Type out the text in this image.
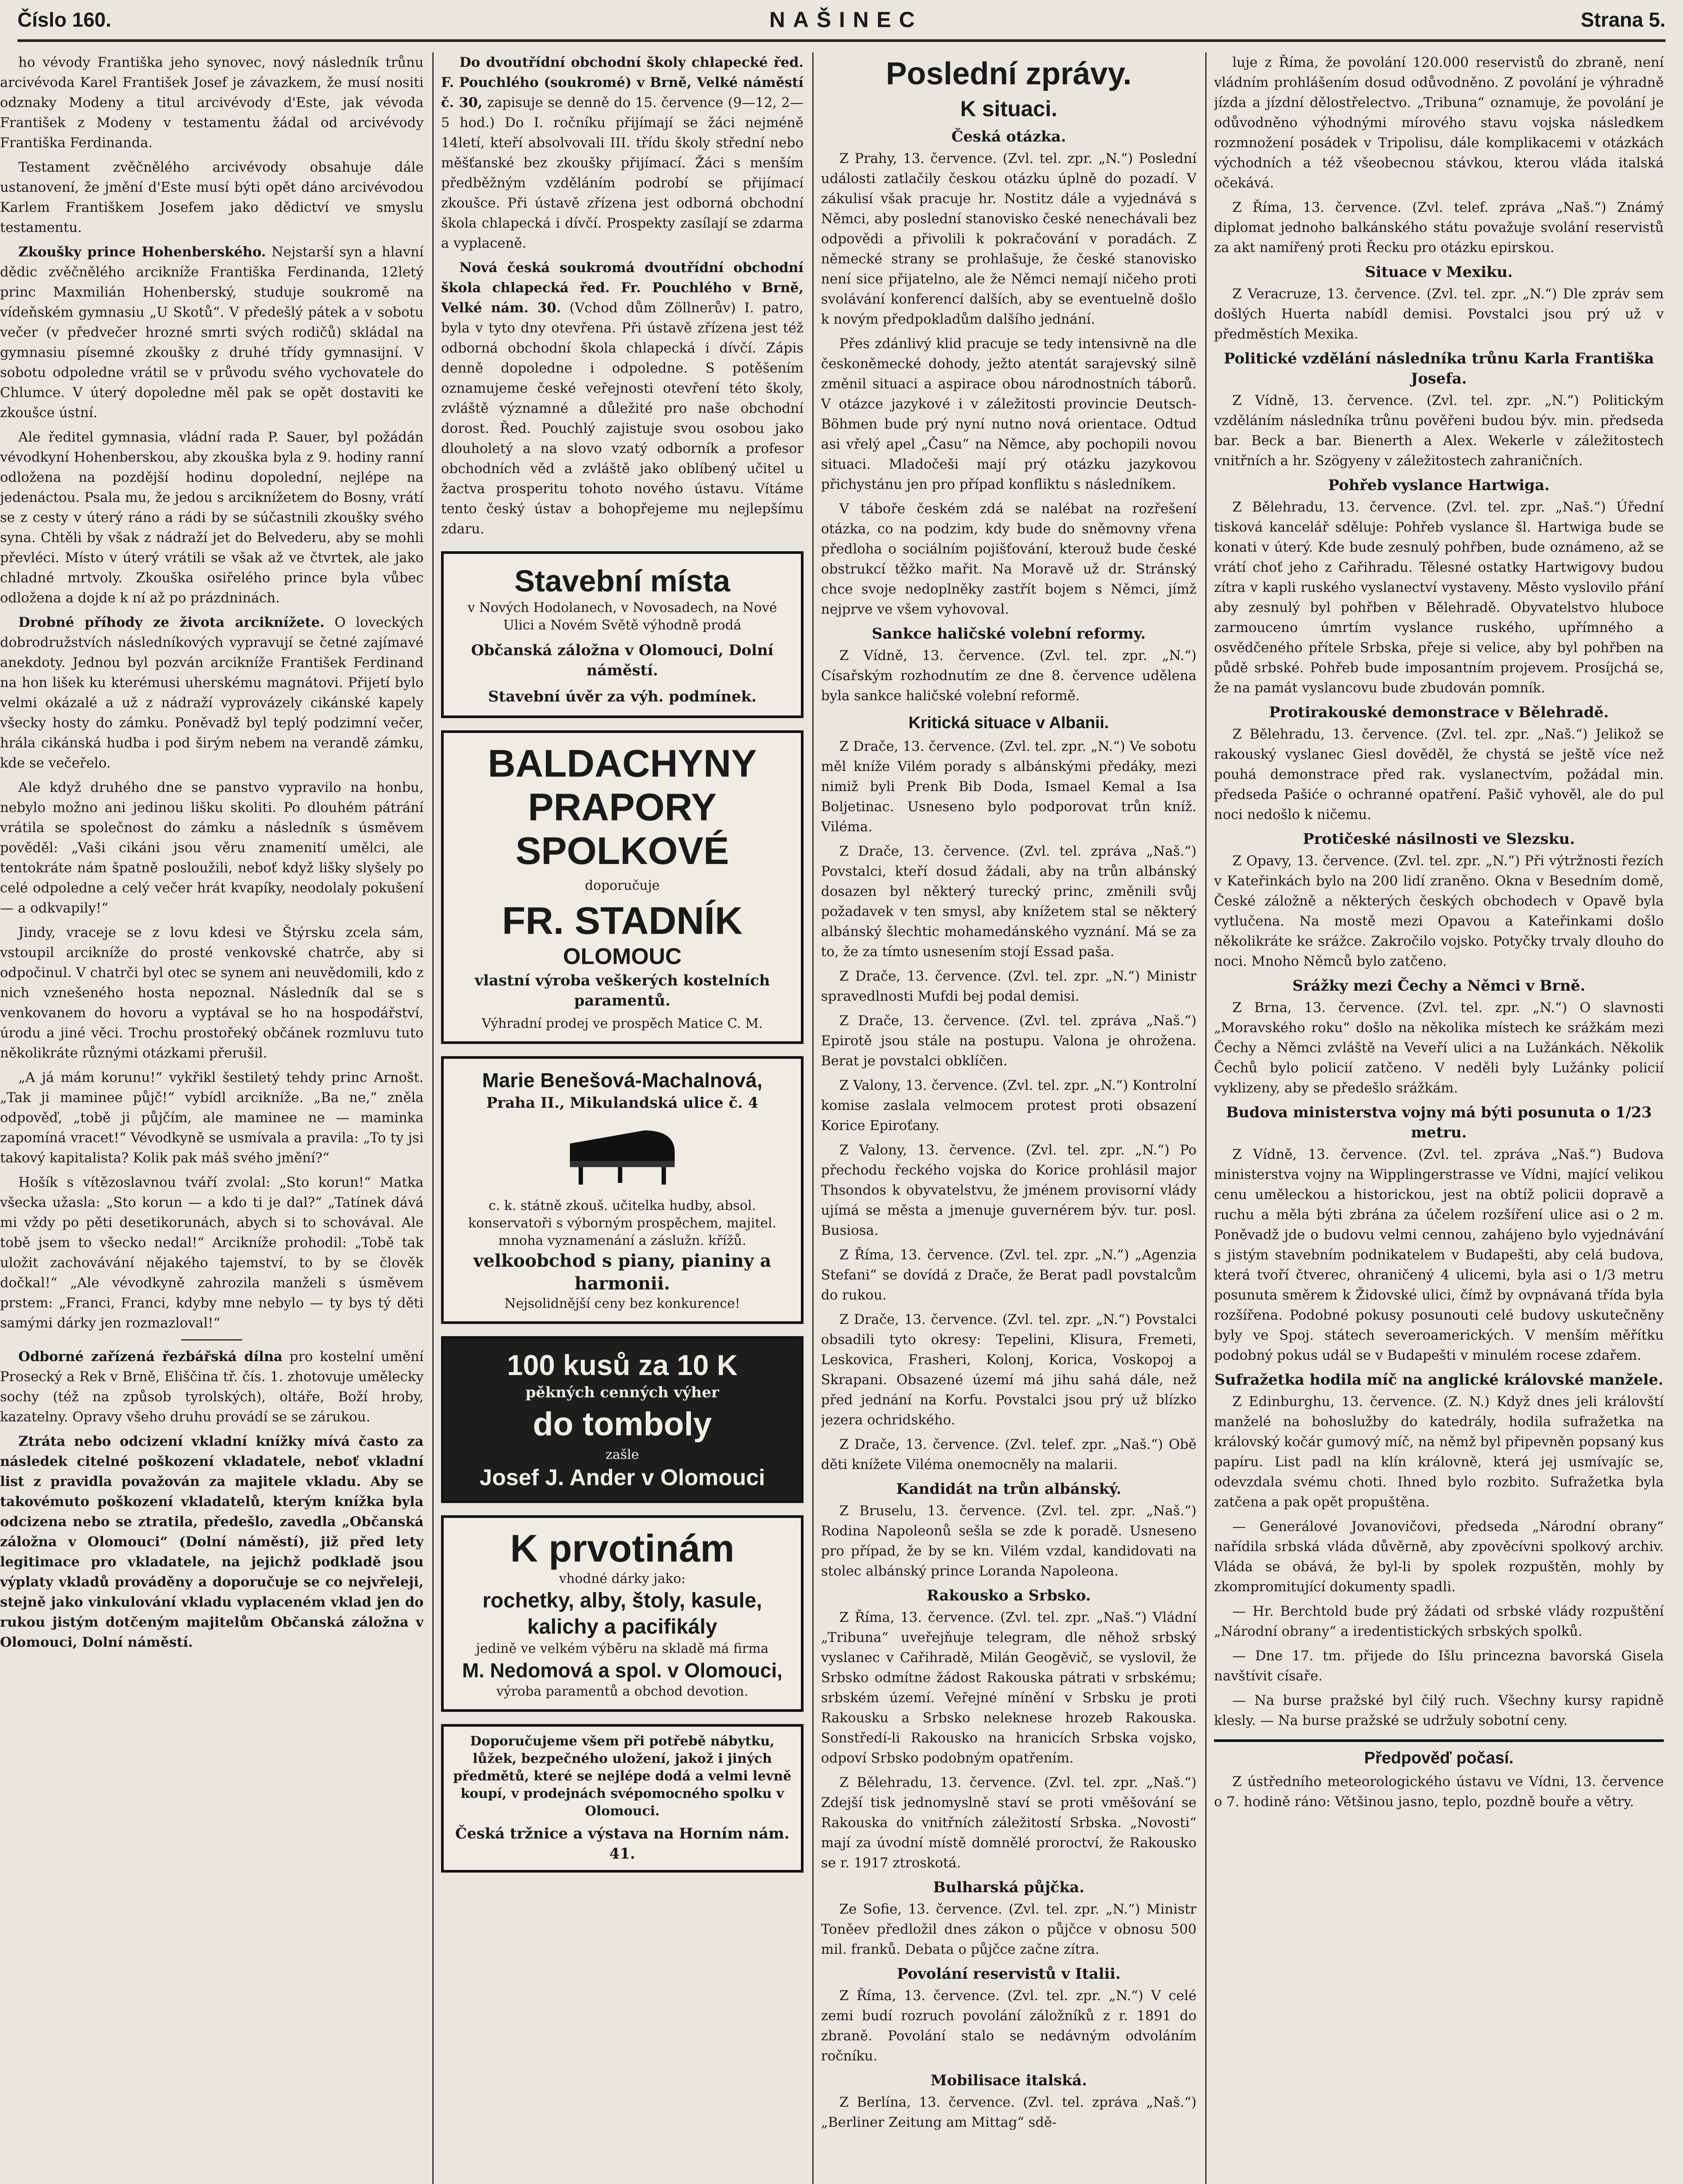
Číslo 160.	NAŠINEC	Strana 5.

ho vévody Františka jeho synovec, nový následník trůnu arcivévoda Karel František Josef je závazkem, že musí nositi odznaky Modeny a titul arcivévody d'Este, jak vévoda František z Modeny v testamentu žádal od arcivévody Františka Ferdinanda.

Testament zvěčnělého arcivévody obsahuje dále ustanovení, že jmění d'Este musí býti opět dáno arcivévodou Karlem Františkem Josefem jako dědictví ve smyslu testamentu.

Zkoušky prince Hohenberského. Nejstarší syn a hlavní dědic zvěčnělého arcikníže Františka Ferdinanda, 12letý princ Maxmilián Hohenberský, studuje soukromě na vídeňském gymnasiu „U Skotů“. V předešlý pátek a v sobotu večer (v předvečer hrozné smrti svých rodičů) skládal na gymnasiu písemné zkoušky z druhé třídy gymnasijní. V sobotu odpoledne vrátil se v průvodu svého vychovatele do Chlumce. V úterý dopoledne měl pak se opět dostaviti ke zkoušce ústní.

Ale ředitel gymnasia, vládní rada P. Sauer, byl požádán vévodkyní Hohenberskou, aby zkouška byla z 9. hodiny ranní odložena na pozdější hodinu dopolední, nejlépe na jedenáctou. Psala mu, že jedou s arciknížetem do Bosny, vrátí se z cesty v úterý ráno a rádi by se súčastnili zkoušky svého syna. Chtěli by však z nádraží jet do Belvederu, aby se mohli převléci. Místo v úterý vrátili se však až ve čtvrtek, ale jako chladné mrtvoly. Zkouška osiřelého prince byla vůbec odložena a dojde k ní až po prázdninách.

Drobné příhody ze života arciknížete. O loveckých dobrodružstvích následníkových vypravují se četné zajímavé anekdoty. Jednou byl pozván arcikníže František Ferdinand na hon lišek ku kterémusi uherskému magnátovi. Přijetí bylo velmi okázalé a už z nádraží vyprovázely cikánské kapely všecky hosty do zámku. Poněvadž byl teplý podzimní večer, hrála cikánská hudba i pod širým nebem na verandě zámku, kde se večeřelo.

Ale když druhého dne se panstvo vypravilo na honbu, nebylo možno ani jedinou lišku skoliti. Po dlouhém pátrání vrátila se společnost do zámku a následník s úsměvem pověděl: „Vaši cikáni jsou věru znamenití umělci, ale tentokráte nám špatně posloužili, neboť když lišky slyšely po celé odpoledne a celý večer hrát kvapíky, neodolaly pokušení — a odkvapily!“

Jindy, vraceje se z lovu kdesi ve Štýrsku zcela sám, vstoupil arcikníže do prosté venkovské chatrče, aby si odpočinul. V chatrči byl otec se synem ani neuvědomili, kdo z nich vznešeného hosta nepoznal. Následník dal se s venkovanem do hovoru a vyptával se ho na hospodářství, úrodu a jiné věci. Trochu prostořeký občánek rozmluvu tuto několikráte různými otázkami přerušil.

„A já mám korunu!“ vykřikl šestiletý tehdy princ Arnošt. „Tak ji maminee půjč!“ vybídl arcikníže. „Ba ne,“ zněla odpověď, „tobě ji půjčím, ale maminee ne — maminka zapomíná vracet!“ Vévodkyně se usmívala a pravila: „To ty jsi takový kapitalista? Kolik pak máš svého jmění?“

Hošík s vítězoslavnou tváří zvolal: „Sto korun!“ Matka všecka užasla: „Sto korun — a kdo ti je dal?“ „Tatínek dává mi vždy po pěti desetikorunách, abych si to schovával. Ale tobě jsem to všecko nedal!“ Arcikníže prohodil: „Tobě tak uložit zachovávání nějakého tajemství, to by se člověk dočkal!“ „Ale vévodkyně zahrozila manželi s úsměvem prstem: „Franci, Franci, kdyby mne nebylo — ty bys tý děti samými dárky jen rozmazloval!“

Odborné zařízená řezbářská dílna pro kostelní umění Prosecký a Rek v Brně, Eliščina tř. čís. 1. zhotovuje umělecky sochy (též na způsob tyrolských), oltáře, Boží hroby, kazatelny. Opravy všeho druhu provádí se se zárukou.

Ztráta nebo odcizení vkladní knížky mívá často za následek citelné poškození vkladatele, neboť vkladní list z pravidla považován za majitele vkladu. Aby se takovémuto poškození vkladatelů, kterým knížka byla odcizena nebo se ztratila, předešlo, zavedla „Občanská záložna v Olomouci“ (Dolní náměstí), již před lety legitimace pro vkladatele, na jejichž podkladě jsou výplaty vkladů prováděny a doporučuje se co nejvřeleji, stejně jako vinkulování vkladu vyplaceném vklad jen do rukou jistým dotčeným majitelům Občanská záložna v Olomouci, Dolní náměstí.

Do dvoutřídní obchodní školy chlapecké řed. F. Pouchlého (soukromé) v Brně, Velké náměstí č. 30, zapisuje se denně do 15. července (9—12, 2—5 hod.) Do I. ročníku přijímají se žáci nejméně 14letí, kteří absolvovali III. třídu školy střední nebo měšťanské bez zkoušky přijímací. Žáci s menším předběžným vzděláním podrobí se přijímací zkoušce. Při ústavě zřízena jest odborná obchodní škola chlapecká i dívčí. Prospekty zasílají se zdarma a vyplaceně.

Nová česká soukromá dvoutřídní obchodní škola chlapecká řed. Fr. Pouchlého v Brně, Velké nám. 30. (Vchod dům Zöllnerův) I. patro, byla v tyto dny otevřena. Při ústavě zřízena jest též odborná obchodní škola chlapecká i dívčí. Zápis denně dopoledne i odpoledne. S potěšením oznamujeme české veřejnosti otevření této školy, zvláště významné a důležité pro naše obchodní dorost. Řed. Pouchlý zajistuje svou osobou jako dlouholetý a na slovo vzatý odborník a profesor obchodních věd a zvláště jako oblíbený učitel u žactva prosperitu tohoto nového ústavu. Vítáme tento český ústav a bohopřejeme mu nejlepšímu zdaru.

Stavební místa
v Nových Hodolanech, v Novosadech, na Nové Ulici a Novém Světě výhodně prodá
Občanská záložna v Olomouci, Dolní náměstí.
Stavební úvěr za výh. podmínek.
BALDACHYNY
PRAPORY
SPOLKOVÉ
doporučuje
FR. STADNÍK
OLOMOUC
vlastní výroba veškerých kostelních paramentů.
Výhradní prodej ve prospěch Matice C. M.
Marie Benešová-Machalnová,
Praha II., Mikulandská ulice č. 4
c. k. státně zkouš. učitelka hudby, absol. konservatoři s výborným prospěchem, majitel. mnoha vyznamenání a záslužn. křížů.
velkoobchod s piany, pianiny a harmonii.
Nejsolidnější ceny bez konkurence!
100 kusů za 10 K
pěkných cenných výher
do tomboly
zašle
Josef J. Ander v Olomouci
K prvotinám
vhodné dárky jako:
rochetky, alby, štoly, kasule, kalichy a pacifikály
jedině ve velkém výběru na skladě má firma
M. Nedomová a spol. v Olomouci,
výroba paramentů a obchod devotion.
Doporučujeme všem při potřebě nábytku, lůžek, bezpečného uložení, jakož i jiných předmětů, které se nejlépe dodá a velmi levně koupí, v prodejnách svépomocného spolku v Olomouci.
Česká tržnice a výstava na Horním nám. 41.
Poslední zprávy.
K situaci.
Česká otázka.

Z Prahy, 13. července. (Zvl. tel. zpr. „N.“) Poslední události zatlačily českou otázku úplně do pozadí. V zákulisí však pracuje hr. Nostitz dále a vyjednává s Němci, aby poslední stanovisko české nenechávali bez odpovědi a přivolili k pokračování v poradách. Z německé strany se prohlašuje, že české stanovisko není sice přijatelno, ale že Němci nemají ničeho proti svolávání konferencí dalších, aby se eventuelně došlo k novým předpokladům dalšího jednání.

Přes zdánlivý klid pracuje se tedy intensivně na dle českoněmecké dohody, ježto atentát sarajevský silně změnil situaci a aspirace obou národnostních táborů. V otázce jazykové i v záležitosti provincie Deutsch-Böhmen bude prý nyní nutno nová orientace. Odtud asi vřelý apel „Času“ na Němce, aby pochopili novou situaci. Mladočeši mají prý otázku jazykovou přichystánu jen pro případ konfliktu s následníkem.

V táboře českém zdá se nalébat na rozřešení otázka, co na podzim, kdy bude do sněmovny vřena předloha o sociálním pojišťování, kterouž bude české obstrukcí těžko mařit. Na Moravě už dr. Stránský chce svoje nedoplněky zastřít bojem s Němci, jímž nejprve ve všem vyhovoval.

Sankce haličské volební reformy.

Z Vídně, 13. července. (Zvl. tel. zpr. „N.“) Císařským rozhodnutím ze dne 8. července udělena byla sankce haličské volební reformě.

Kritická situace v Albanii.

Z Drače, 13. července. (Zvl. tel. zpr. „N.“) Ve sobotu měl kníže Vilém porady s albánskými předáky, mezi nimiž byli Prenk Bib Doda, Ismael Kemal a Isa Boljetinac. Usneseno bylo podporovat trůn kníž. Viléma.

Z Drače, 13. července. (Zvl. tel. zpráva „Naš.“) Povstalci, kteří dosud žádali, aby na trůn albánský dosazen byl některý turecký princ, změnili svůj požadavek v ten smysl, aby knížetem stal se některý albánský šlechtic mohamedánského vyznání. Má se za to, že za tímto usnesením stojí Essad paša.

Z Drače, 13. července. (Zvl. tel. zpr. „N.“) Ministr spravedlnosti Mufdi bej podal demisi.

Z Drače, 13. července. (Zvl. tel. zpráva „Naš.“) Epirotě jsou stále na postupu. Valona je ohrožena. Berat je povstalci obklíčen.

Z Valony, 13. července. (Zvl. tel. zpr. „N.“) Kontrolní komise zaslala velmocem protest proti obsazení Korice Epiroťany.

Z Valony, 13. července. (Zvl. tel. zpr. „N.“) Po přechodu řeckého vojska do Korice prohlásil major Thsondos k obyvatelstvu, že jménem provisorní vlády ujímá se města a jmenuje guvernérem býv. tur. posl. Busiosa.

Z Říma, 13. července. (Zvl. tel. zpr. „N.“) „Agenzia Stefani“ se dovídá z Drače, že Berat padl povstalcům do rukou.

Z Drače, 13. července. (Zvl. tel. zpr. „N.“) Povstalci obsadili tyto okresy: Tepelini, Klisura, Fremeti, Leskovica, Frasheri, Kolonj, Korica, Voskopoj a Skrapani. Obsazené území má jihu sahá dále, než před jednání na Korfu. Povstalci jsou prý už blízko jezera ochridského.

Z Drače, 13. července. (Zvl. telef. zpr. „Naš.“) Obě děti knížete Viléma onemocněly na malarii.

Kandidát na trůn albánský.

Z Bruselu, 13. července. (Zvl. tel. zpr. „Naš.“) Rodina Napoleonů sešla se zde k poradě. Usneseno pro případ, že by se kn. Vilém vzdal, kandidovati na stolec albánský prince Loranda Napoleona.

Rakousko a Srbsko.

Z Říma, 13. července. (Zvl. tel. zpr. „Naš.“) Vládní „Tribuna“ uveřejňuje telegram, dle něhož srbský vyslanec v Cařihradě, Milán Geogěvič, se vyslovil, že Srbsko odmítne žádost Rakouska pátrati v srbskému; srbském území. Veřejné mínění v Srbsku je proti Rakousku a Srbsko neleknese hrozeb Rakouska. Sonstředí-li Rakousko na hranicích Srbska vojsko, odpoví Srbsko podobným opatřením.

Z Bělehradu, 13. července. (Zvl. tel. zpr. „Naš.“) Zdejší tisk jednomyslně staví se proti vměšování se Rakouska do vnitřních záležitostí Srbska. „Novosti“ mají za úvodní místě domnělé proroctví, že Rakousko se r. 1917 ztroskotá.

Bulharská půjčka.

Ze Sofie, 13. července. (Zvl. tel. zpr. „N.“) Ministr Toněev předložil dnes zákon o půjčce v obnosu 500 mil. franků. Debata o půjčce začne zítra.

Povolání reservistů v Italii.

Z Říma, 13. července. (Zvl. tel. zpr. „N.“) V celé zemi budí rozruch povolání záložníků z r. 1891 do zbraně. Povolání stalo se nedávným odvoláním ročníku.

Mobilisace italská.

Z Berlína, 13. července. (Zvl. tel. zpráva „Naš.“) „Berliner Zeitung am Mittag“ sdě-

luje z Říma, že povolání 120.000 reservistů do zbraně, není vládním prohlášením dosud odůvodněno. Z povolání je výhradně jízda a jízdní dělostřelectvo. „Tribuna“ oznamuje, že povolání je odůvodněno výhodnými mírového stavu vojska následkem rozmnožení posádek v Tripolisu, dále komplikacemi v otázkách východních a též všeobecnou stávkou, kterou vláda italská očekává.

Z Říma, 13. července. (Zvl. telef. zpráva „Naš.“) Známý diplomat jednoho balkánského státu považuje svolání reservistů za akt namířený proti Řecku pro otázku epirskou.

Situace v Mexiku.

Z Veracruze, 13. července. (Zvl. tel. zpr. „N.“) Dle zpráv sem došlých Huerta nabídl demisi. Povstalci jsou prý už v předměstích Mexika.

Politické vzdělání následníka trůnu Karla Františka Josefa.

Z Vídně, 13. července. (Zvl. tel. zpr. „N.“) Politickým vzděláním následníka trůnu pověřeni budou býv. min. předseda bar. Beck a bar. Bienerth a Alex. Wekerle v záležitostech vnitřních a hr. Szögyeny v záležitostech zahraničních.

Pohřeb vyslance Hartwiga.

Z Bělehradu, 13. července. (Zvl. tel. zpr. „Naš.“) Úřední tisková kancelář sděluje: Pohřeb vyslance šl. Hartwiga bude se konati v úterý. Kde bude zesnulý pohřben, bude oznámeno, až se vrátí choť jeho z Cařihradu. Tělesné ostatky Hartwigovy budou zítra v kapli ruského vyslanectví vystaveny. Město vyslovilo přání aby zesnulý byl pohřben v Bělehradě. Obyvatelstvo hluboce zarmouceno úmrtím vyslance ruského, upřímného a osvědčeného přítele Srbska, přeje si velice, aby byl pohřben na půdě srbské. Pohřeb bude imposantním projevem. Prosíjchá se, že na památ vyslancovu bude zbudován pomník.

Protirakouské demonstrace v Bělehradě.

Z Bělehradu, 13. července. (Zvl. tel. zpr. „Naš.“) Jelikož se rakouský vyslanec Giesl dověděl, že chystá se ještě více než pouhá demonstrace před rak. vyslanectvím, požádal min. předseda Pašiće o ochranné opatření. Pašič vyhověl, ale do pul noci nedošlo k ničemu.

Protičeské násilnosti ve Slezsku.

Z Opavy, 13. července. (Zvl. tel. zpr. „N.“) Při výtržnosti řezích v Kateřinkách bylo na 200 lidí zraněno. Okna v Besedním domě, České záložně a některých českých obchodech v Opavě byla vytlučena. Na mostě mezi Opavou a Kateřinkami došlo několikráte ke srážce. Zakročilo vojsko. Potyčky trvaly dlouho do noci. Mnoho Němců bylo zatčeno.

Srážky mezi Čechy a Němci v Brně.

Z Brna, 13. července. (Zvl. tel. zpr. „N.“) O slavnosti „Moravského roku“ došlo na několika místech ke srážkám mezi Čechy a Němci zvláště na Veveří ulici a na Lužánkách. Několik Čechů bylo policií zatčeno. V neděli byly Lužánky policií vyklizeny, aby se předešlo srážkám.

Budova ministerstva vojny má býti posunuta o 1/23 metru.

Z Vídně, 13. července. (Zvl. tel. zpráva „Naš.“) Budova ministerstva vojny na Wipplingerstrasse ve Vídni, mající velikou cenu uměleckou a historickou, jest na obtíž policii dopravě a ruchu a měla býti zbrána za účelem rozšíření ulice asi o 2 m. Poněvadž jde o budovu velmi cennou, zahájeno bylo vyjednávání s jistým stavebním podnikatelem v Budapešti, aby celá budova, která tvoří čtverec, ohraničený 4 ulicemi, byla asi o 1/3 metru posunuta směrem k Židovské ulici, čímž by ovpnávaná třída byla rozšířena. Podobné pokusy posunouti celé budovy uskutečněny byly ve Spoj. státech severoamerických. V menším měřítku podobný pokus udál se v Budapešti v minulém rocese zdařem.

Sufražetka hodila míč na anglické královské manžele.

Z Edinburghu, 13. července. (Z. N.) Když dnes jeli královští manželé na bohoslužby do katedrály, hodila sufražetka na královský kočár gumový míč, na němž byl připevněn popsaný kus papíru. List padl na klín královně, která jej usmívajíc se, odevzdala svému choti. Ihned bylo rozbito. Sufražetka byla zatčena a pak opět propuštěna.

— Generálové Jovanovičovi, předseda „Národní obrany“ nařídila srbská vláda důvěrně, aby zpověcívni spolkový archiv. Vláda se obává, že byl-li by spolek rozpuštěn, mohly by zkompromitující dokumenty spadli.

— Hr. Berchtold bude prý žádati od srbské vlády rozpuštění „Národní obrany“ a iredentistických srbských spolků.

— Dne 17. tm. přijede do Išlu princezna bavorská Gisela navštívit císaře.

— Na burse pražské byl čilý ruch. Všechny kursy rapidně klesly. — Na burse pražské se udržuly sobotní ceny.

Předpověď počasí.

Z ústředního meteorologického ústavu ve Vídni, 13. července o 7. hodině ráno: Většinou jasno, teplo, pozdně bouře a větry.
